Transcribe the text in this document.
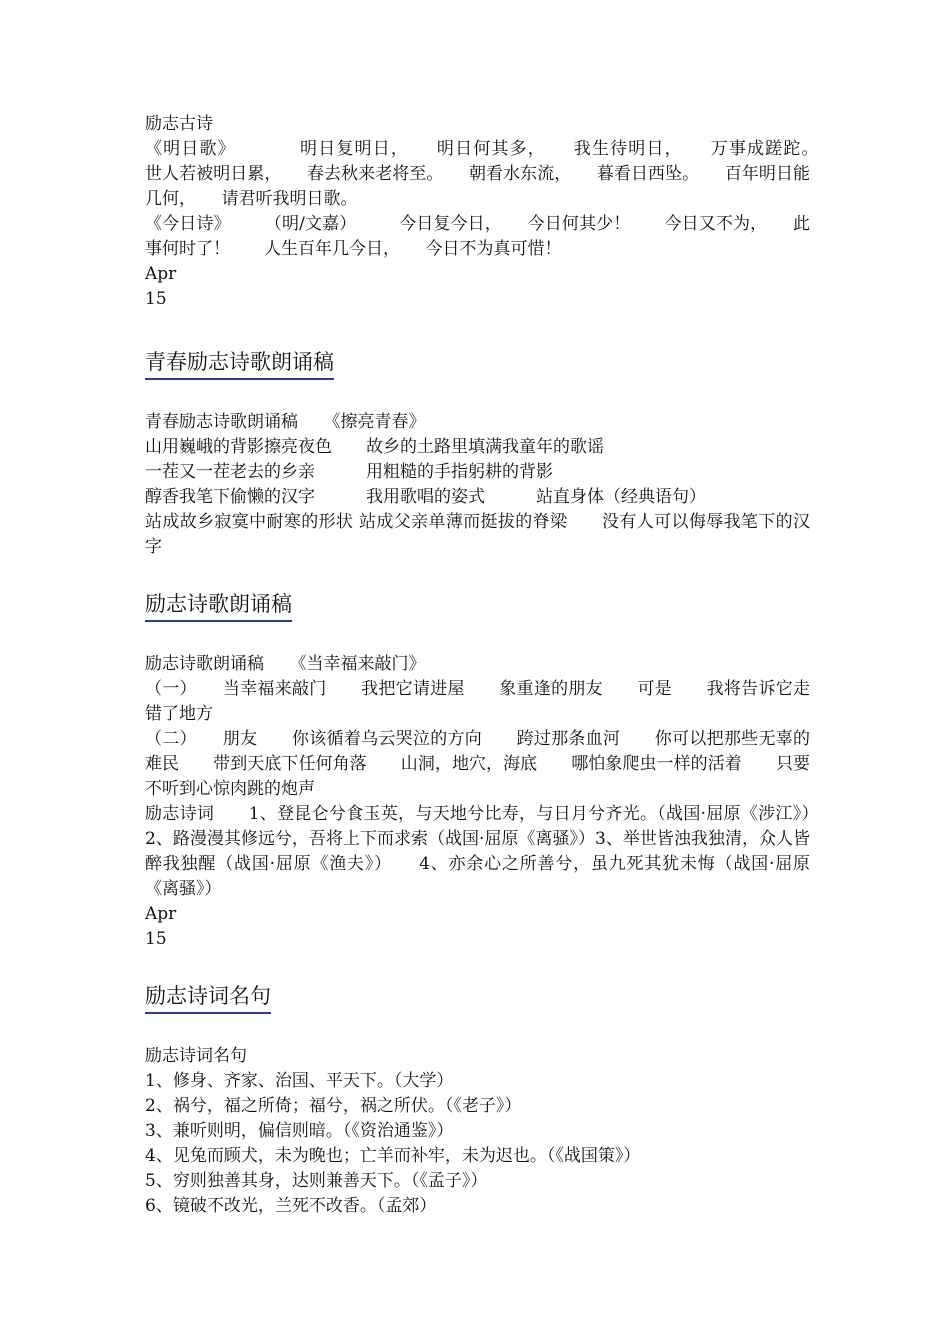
励志古诗
《明日歌》　　　　明日复明日，　　明日何其多，　　我生待明日，　　万事成蹉跎。　　世人若被明日累，　　春去秋来老将至。　　朝看水东流，　　暮看日西坠。　　百年明日能几何，　　请君听我明日歌。
《今日诗》　　　（明/文嘉）　　　今日复今日，　　今日何其少！　　今日又不为，　　此事何时了！　　人生百年几今日，　　今日不为真可惜！
Apr
15
青春励志诗歌朗诵稿
青春励志诗歌朗诵稿　　《擦亮青春》
山用巍峨的背影擦亮夜色　　故乡的土路里填满我童年的歌谣
一茬又一茬老去的乡亲　　　用粗糙的手指躬耕的背影
醇香我笔下偷懒的汉字　　　我用歌唱的姿式　　　站直身体（经典语句）
站成故乡寂寞中耐寒的形状 站成父亲单薄而挺拔的脊梁　　没有人可以侮辱我笔下的汉字
励志诗歌朗诵稿
励志诗歌朗诵稿　　《当幸福来敲门》
（一）　　当幸福来敲门　　我把它请进屋　　象重逢的朋友　　可是　　我将告诉它走错了地方
（二）　　朋友　　你该循着乌云哭泣的方向　　跨过那条血河　　你可以把那些无辜的难民　　带到天底下任何角落　　山洞，地穴，海底　　哪怕象爬虫一样的活着　　只要不听到心惊肉跳的炮声
励志诗词　　1、登昆仑兮食玉英，与天地兮比寿，与日月兮齐光。（战国·屈原《涉江》）　　2、路漫漫其修远兮，吾将上下而求索（战国·屈原《离骚》）3、举世皆浊我独清，众人皆醉我独醒（战国·屈原《渔夫》）　　4、亦余心之所善兮，虽九死其犹未悔（战国·屈原《离骚》）
Apr
15
励志诗词名句
励志诗词名句
1、修身、齐家、治国、平天下。（大学）
2、祸兮，福之所倚；福兮，祸之所伏。（《老子》）
3、兼听则明，偏信则暗。（《资治通鉴》）
4、见兔而顾犬，未为晚也；亡羊而补牢，未为迟也。（《战国策》）
5、穷则独善其身，达则兼善天下。（《孟子》）
6、镜破不改光，兰死不改香。（孟郊）
